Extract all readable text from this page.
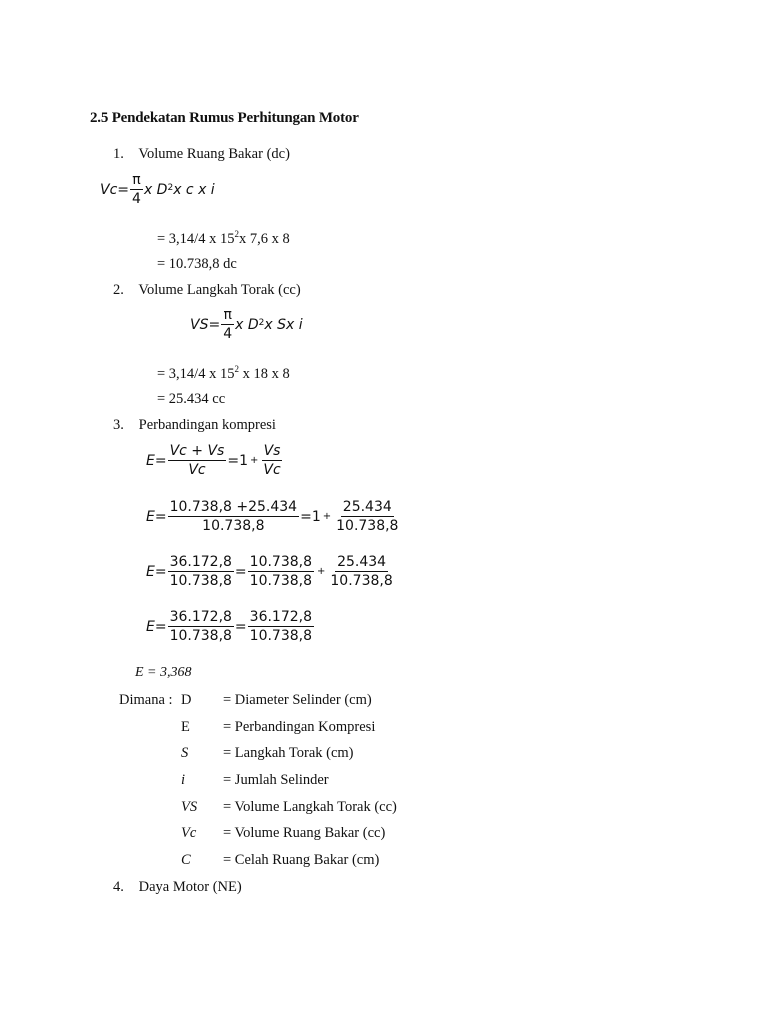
2.5 Pendekatan Rumus Perhitungan Motor
1. Volume Ruang Bakar (dc)
$Vc = \frac{\pi}{4}$ x D 2 x c x i
= 3,14/4 x $15^2x$ 7,6 x 8
= 10.738,8 dc
2. Volume Langkah Torak (cc)
VS = $\frac{\pi}{4}$ x D 2 x Sx i
= 3,14/4 x $15^2$ x 18 x 8
= 25.434 cc
3. Perbandingan kompresi
$E= \frac{Vc + Vs}{Vc} =1 + \frac{Vs}{Vc}$
$E= \frac{10.738,8 +25.434}{10.738,8} =1 + \frac{25.434}{10.738,8}$
$E= \frac{36.172,8}{10.738,8} = \frac{10.738,8}{10.738,8} + \frac{25.434}{10.738,8}$
$E= \frac{36.172,8}{10.738,8} = \frac{36.172,8}{10.738,8}$
E = 3,368
Dimana : D = Diameter Selinder (cm)
E = Perbandingan Kompresi
S = Langkah Torak (cm)
i	= Jumlah Selinder
VS = Volume Langkah Torak (cc)
Vc = Volume Ruang Bakar (cc)
C = Celah Ruang Bakar (cm)
4. Daya Motor (NE)
